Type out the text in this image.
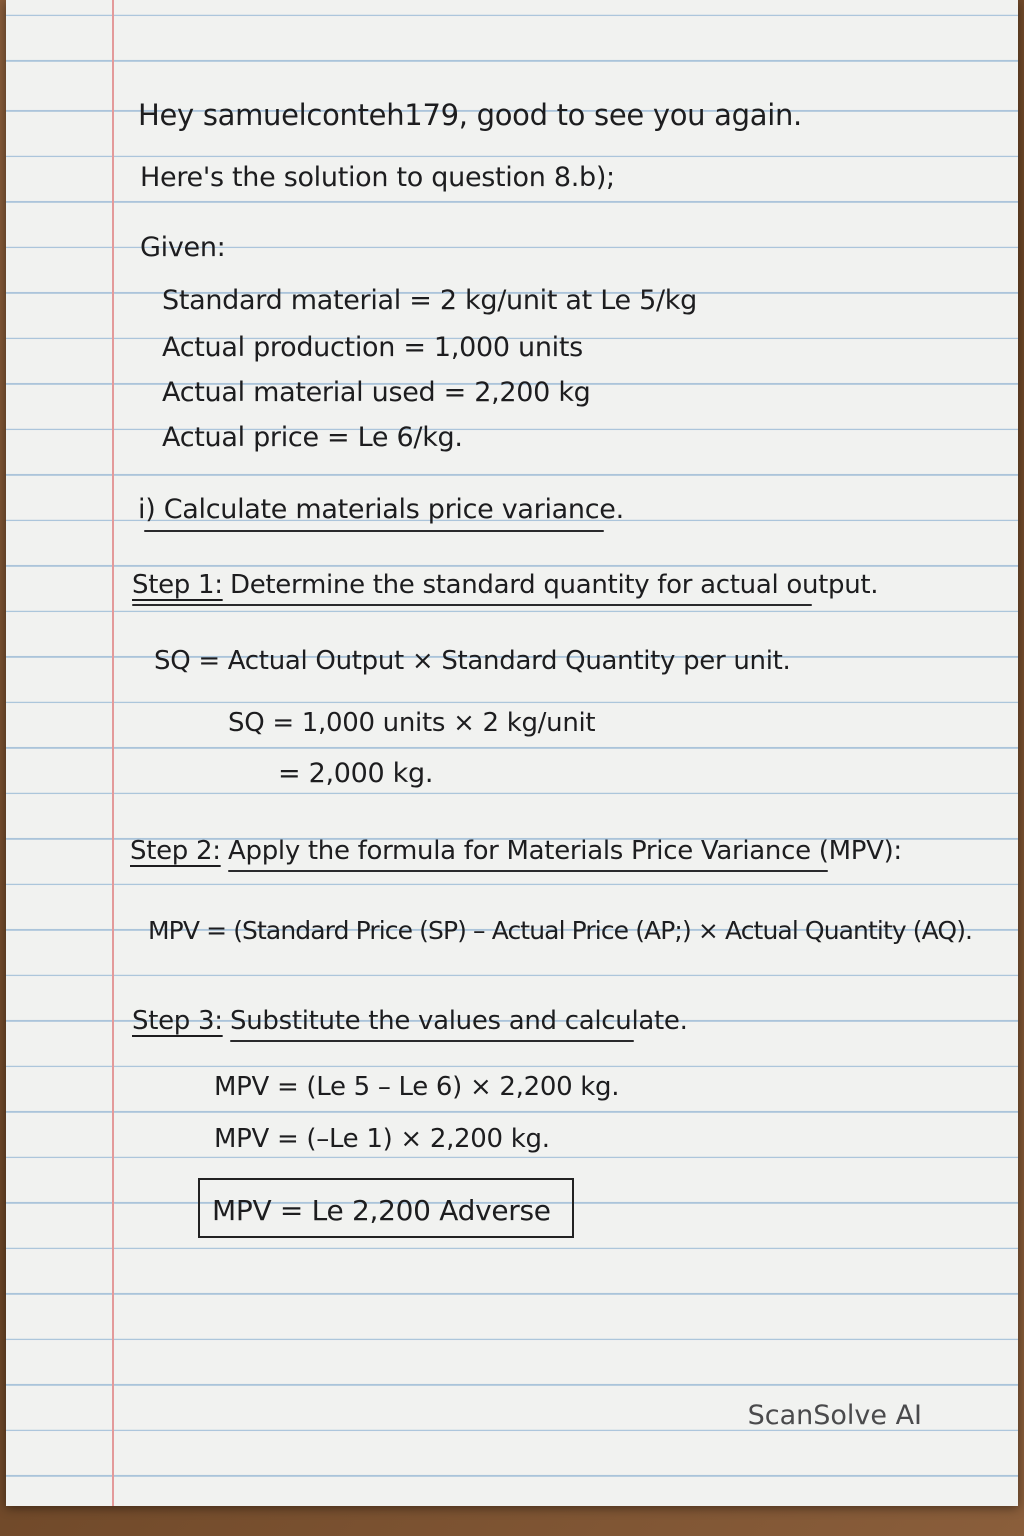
Hey samuelconteh179, good to see you again.
Here's the solution to question 8.b);
Given:
Standard material = 2 kg/unit at Le 5/kg
Actual production = 1,000 units
Actual material used = 2,200 kg
Actual price = Le 6/kg.
i) Calculate materials price variance.
Step 1: Determine the standard quantity for actual output.
SQ = Actual Output × Standard Quantity per unit.
SQ = 1,000 units × 2 kg/unit
= 2,000 kg.
Step 2: Apply the formula for Materials Price Variance (MPV):
MPV = (Standard Price (SP) – Actual Price (AP;) × Actual Quantity (AQ).
Step 3: Substitute the values and calculate.
MPV = (Le 5 – Le 6) × 2,200 kg.
MPV = (–Le 1) × 2,200 kg.
MPV = Le 2,200 Adverse
ScanSolve AI
